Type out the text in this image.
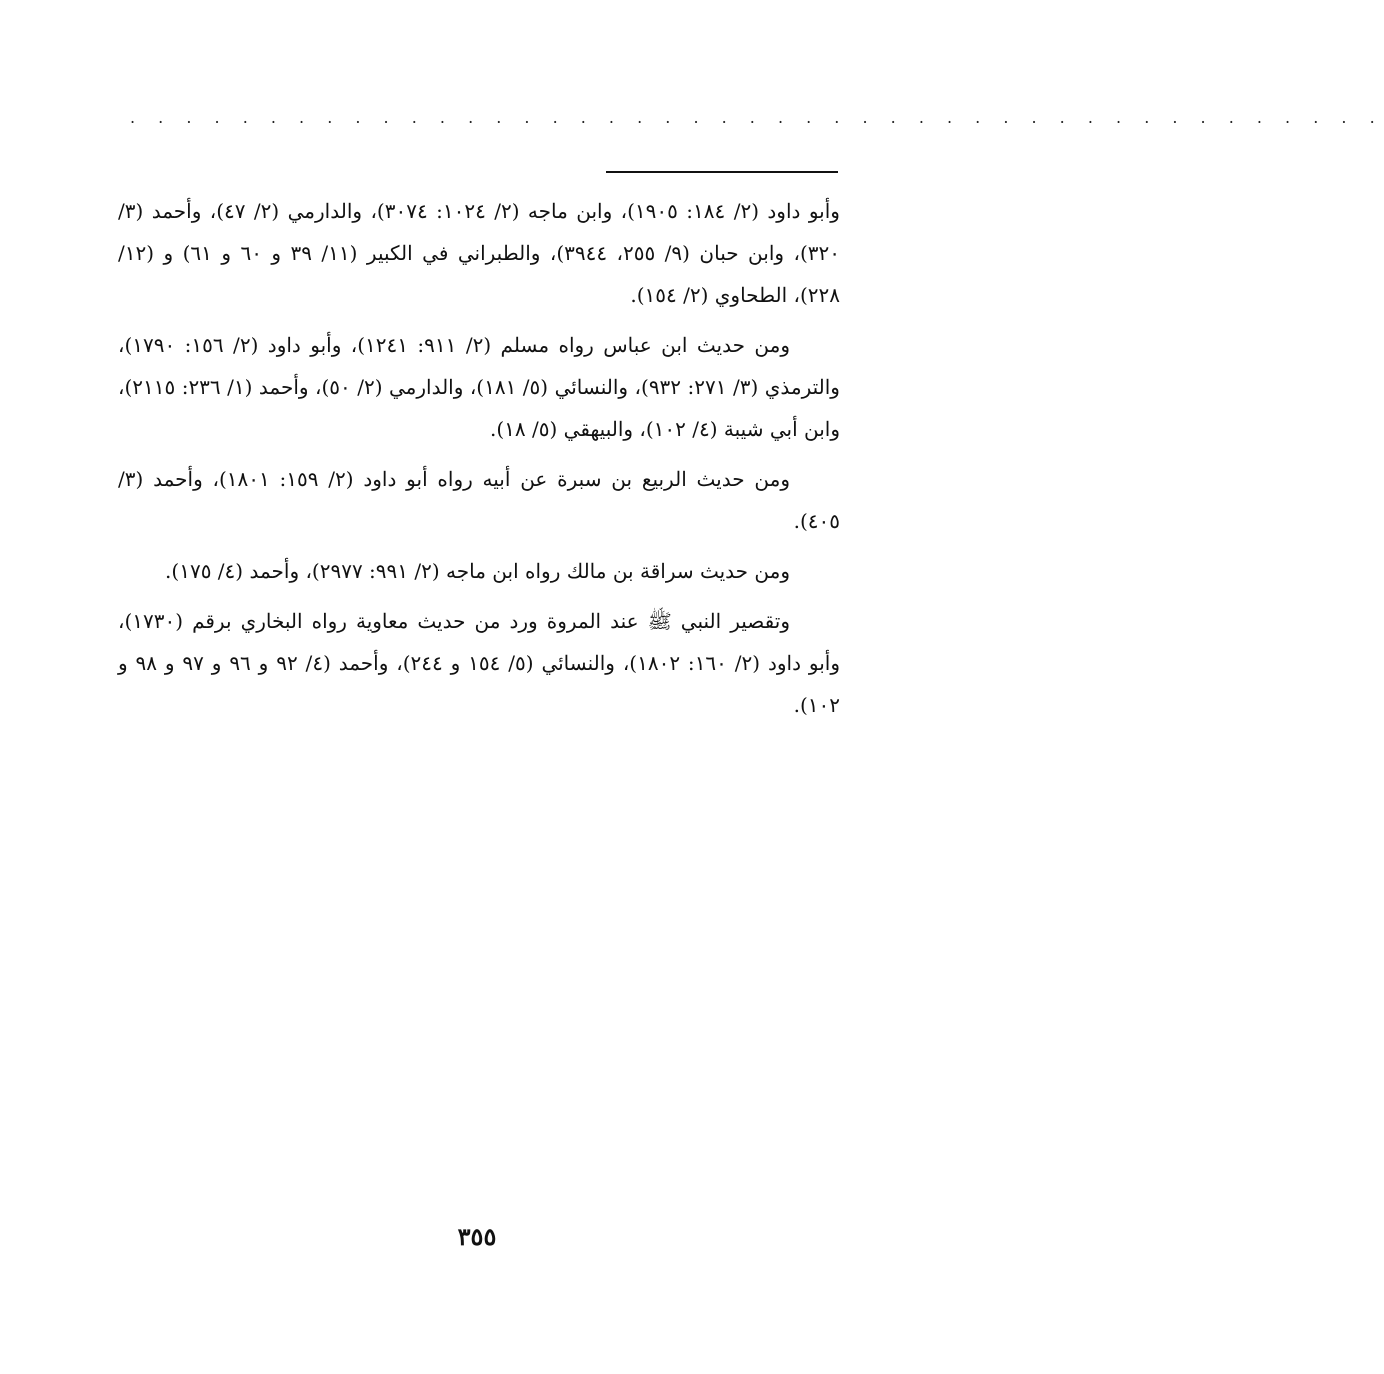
. . . . . . . . . . . . . . . . . . . . . . . . . . . . . . . . . . . . . . . . . . . . .

وأبو داود (٢/ ١٨٤: ١٩٠٥)، وابن ماجه (٢/ ١٠٢٤: ٣٠٧٤)، والدارمي (٢/ ٤٧)، وأحمد (٣/ ٣٢٠)، وابن حبان (٩/ ٢٥٥، ٣٩٤٤)، والطبراني في الكبير (١١/ ٣٩ و ٦٠ و ٦١) و (١٢/ ٢٢٨)، الطحاوي (٢/ ١٥٤).

ومن حديث ابن عباس رواه مسلم (٢/ ٩١١: ١٢٤١)، وأبو داود (٢/ ١٥٦: ١٧٩٠)، والترمذي (٣/ ٢٧١: ٩٣٢)، والنسائي (٥/ ١٨١)، والدارمي (٢/ ٥٠)، وأحمد (١/ ٢٣٦: ٢١١٥)، وابن أبي شيبة (٤/ ١٠٢)، والبيهقي (٥/ ١٨).

ومن حديث الربيع بن سبرة عن أبيه رواه أبو داود (٢/ ١٥٩: ١٨٠١)، وأحمد (٣/ ٤٠٥).

ومن حديث سراقة بن مالك رواه ابن ماجه (٢/ ٩٩١: ٢٩٧٧)، وأحمد (٤/ ١٧٥).

وتقصير النبي ﷺ عند المروة ورد من حديث معاوية رواه البخاري برقم (١٧٣٠)، وأبو داود (٢/ ١٦٠: ١٨٠٢)، والنسائي (٥/ ١٥٤ و ٢٤٤)، وأحمد (٤/ ٩٢ و ٩٦ و ٩٧ و ٩٨ و ١٠٢).

٣٥٥
